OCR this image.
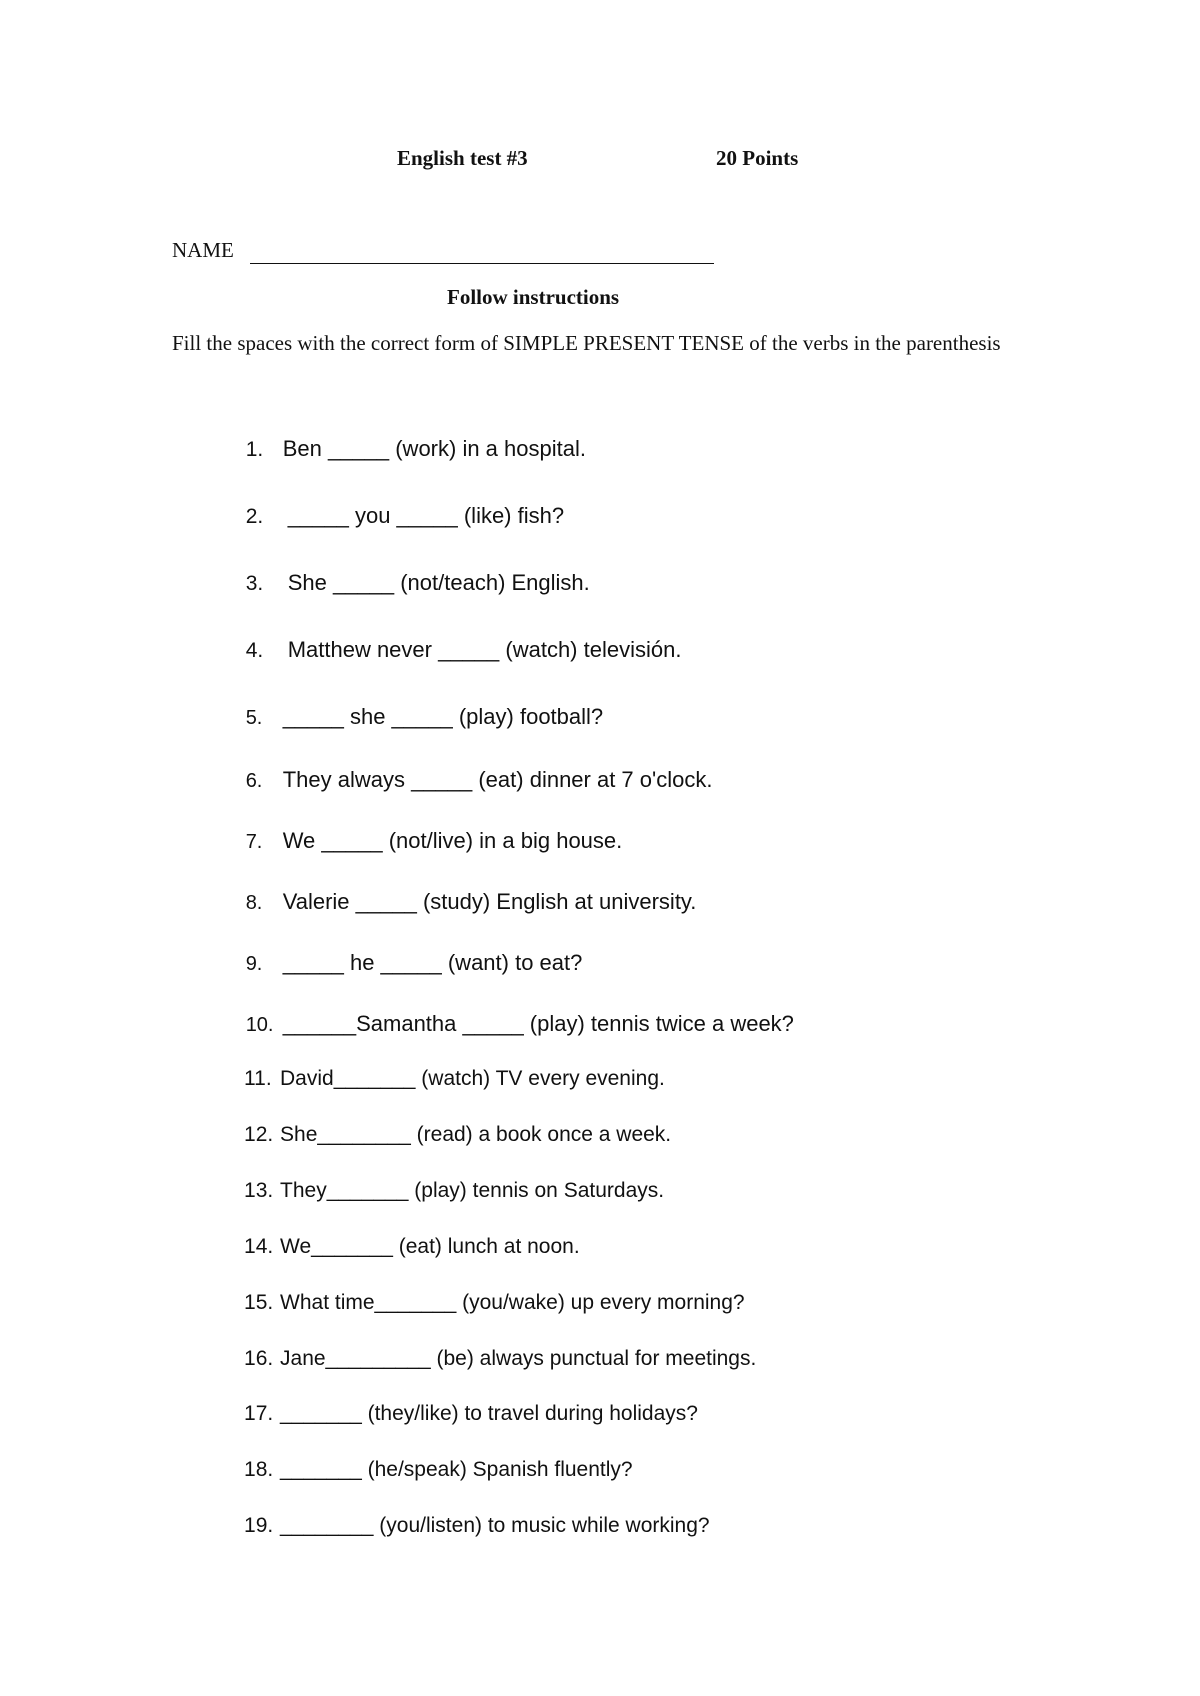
English test #3	20 Points
NAME
Follow instructions
Fill the spaces with the correct form of SIMPLE PRESENT TENSE of the verbs in the parenthesis

1. Ben _____ (work) in a hospital.

2. _____ you _____ (like) fish?

3. She _____ (not/teach) English.

4. Matthew never _____ (watch) televisión.

5. _____ she _____ (play) football?

6. They always _____ (eat) dinner at 7 o'clock.

7. We _____ (not/live) in a big house.

8. Valerie _____ (study) English at university.

9. _____ he _____ (want) to eat?

10. ______Samantha _____ (play) tennis twice a week?

11. David_______ (watch) TV every evening.

12. She________ (read) a book once a week.

13. They_______ (play) tennis on Saturdays.

14. We_______ (eat) lunch at noon.

15. What time_______ (you/wake) up every morning?

16. Jane_________ (be) always punctual for meetings.

17. _______ (they/like) to travel during holidays?

18. _______ (he/speak) Spanish fluently?

19. ________ (you/listen) to music while working?
